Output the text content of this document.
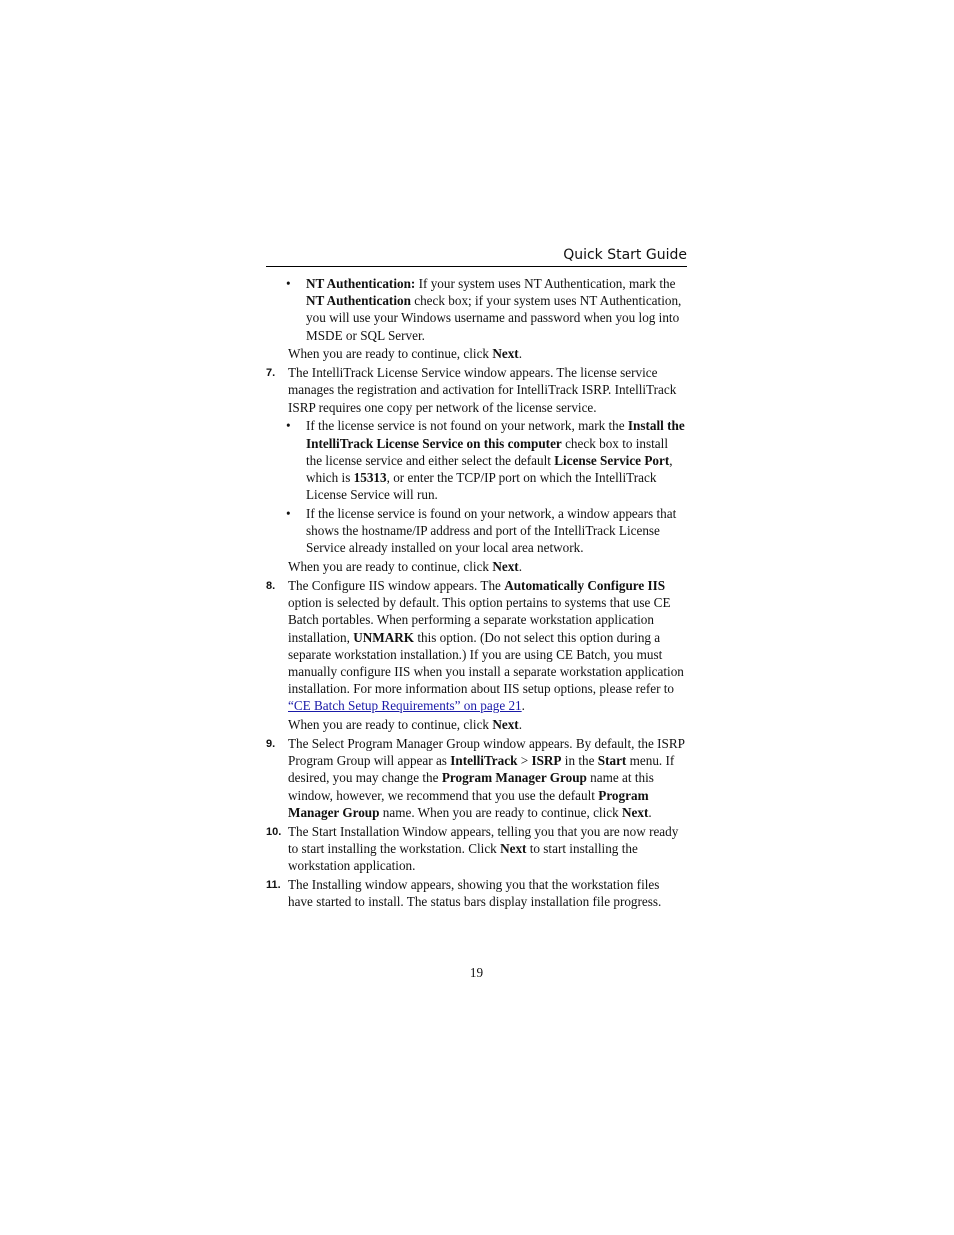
Quick Start Guide
• NT Authentication: If your system uses NT Authentication, mark the NT Authentication check box; if your system uses NT Authentication, you will use your Windows username and password when you log into MSDE or SQL Server.
When you are ready to continue, click Next.
7. The IntelliTrack License Service window appears. The license service manages the registration and activation for IntelliTrack ISRP. IntelliTrack ISRP requires one copy per network of the license service.
• If the license service is not found on your network, mark the Install the IntelliTrack License Service on this computer check box to install the license service and either select the default License Service Port, which is 15313, or enter the TCP/IP port on which the IntelliTrack License Service will run.
• If the license service is found on your network, a window appears that shows the hostname/IP address and port of the IntelliTrack License Service already installed on your local area network.
When you are ready to continue, click Next.
8. The Configure IIS window appears. The Automatically Configure IIS option is selected by default. This option pertains to systems that use CE Batch portables. When performing a separate workstation application installation, UNMARK this option. (Do not select this option during a separate workstation installation.) If you are using CE Batch, you must manually configure IIS when you install a separate workstation application installation. For more information about IIS setup options, please refer to “CE Batch Setup Requirements” on page 21.
When you are ready to continue, click Next.
9. The Select Program Manager Group window appears. By default, the ISRP Program Group will appear as IntelliTrack > ISRP in the Start menu. If desired, you may change the Program Manager Group name at this window, however, we recommend that you use the default Program Manager Group name. When you are ready to continue, click Next.
10. The Start Installation Window appears, telling you that you are now ready to start installing the workstation. Click Next to start installing the workstation application.
11. The Installing window appears, showing you that the workstation files have started to install. The status bars display installation file progress.
19
